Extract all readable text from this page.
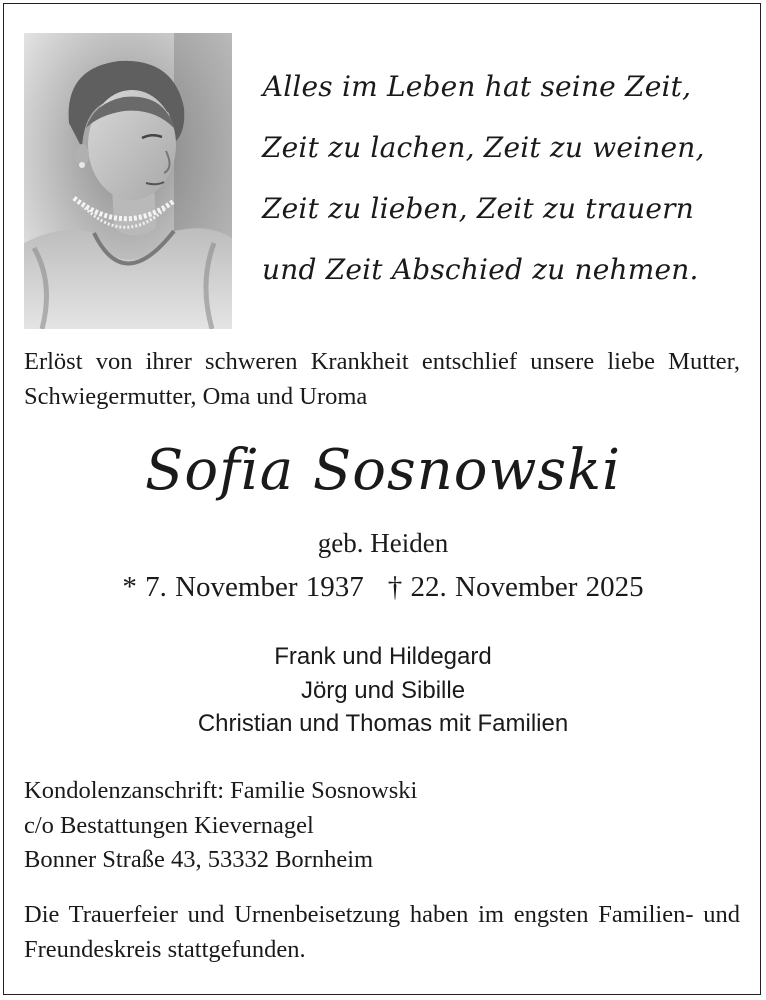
Alles im Leben hat seine Zeit,
Zeit zu lachen, Zeit zu weinen,
Zeit zu lieben, Zeit zu trauern
und Zeit Abschied zu nehmen.
Erlöst von ihrer schweren Krankheit entschlief unsere liebe Mutter, Schwiegermutter, Oma und Uroma
Sofia Sosnowski
geb. Heiden
* 7. November 1937 † 22. November 2025
Frank und Hildegard
Jörg und Sibille
Christian und Thomas mit Familien
Kondolenzanschrift: Familie Sosnowski
c/o Bestattungen Kievernagel
Bonner Straße 43, 53332 Bornheim
Die Trauerfeier und Urnenbeisetzung haben im engsten Familien- und Freundeskreis stattgefunden.
